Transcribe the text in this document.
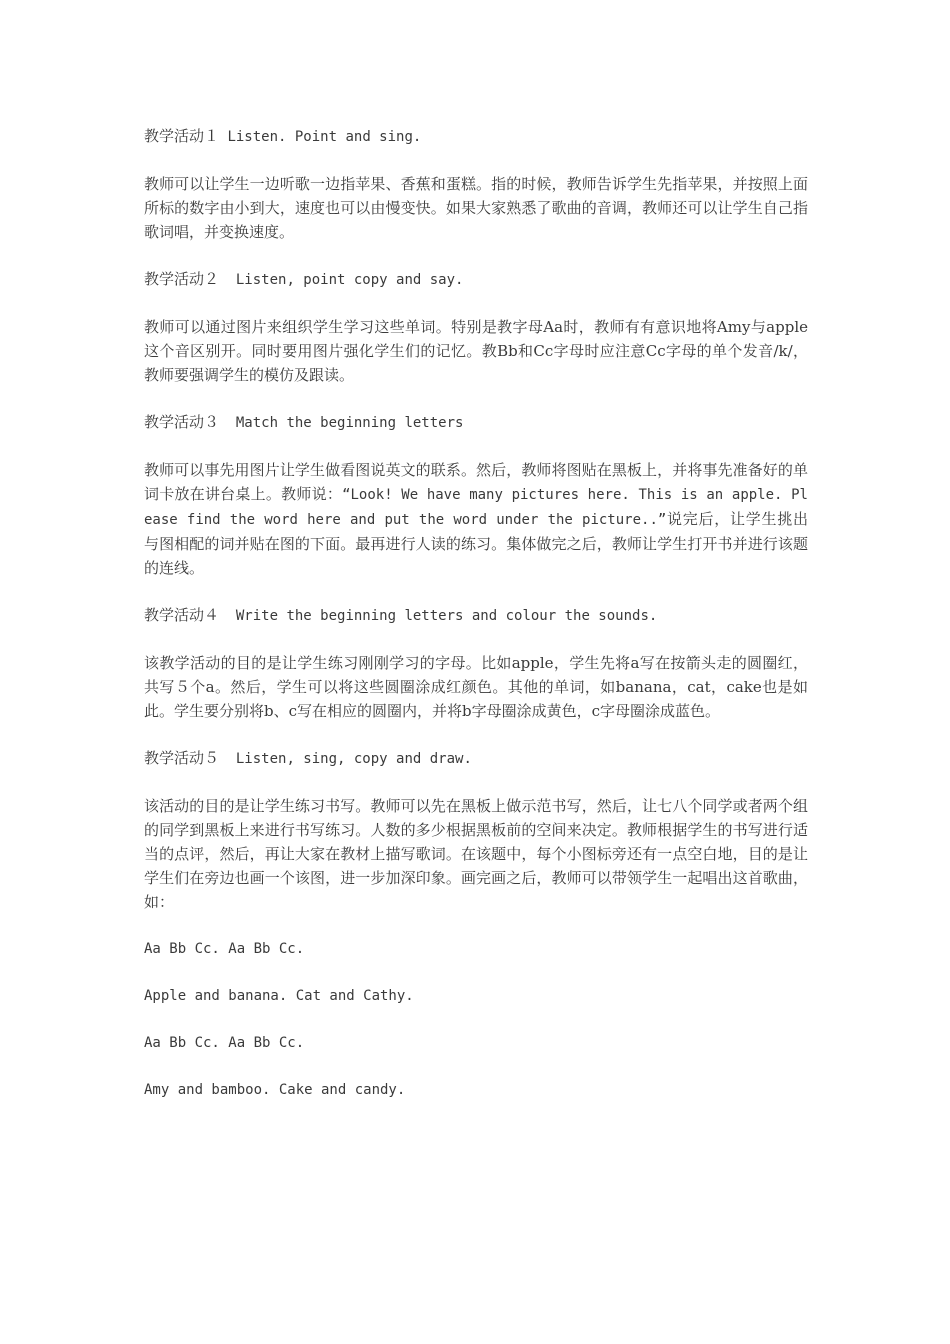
教学活动１ Listen. Point and sing.

教师可以让学生一边听歌一边指苹果、香蕉和蛋糕。指的时候，教师告诉学生先指苹果，并按照上面所标的数字由小到大，速度也可以由慢变快。如果大家熟悉了歌曲的音调，教师还可以让学生自己指歌词唱，并变换速度。

教学活动２ Listen, point copy and say.

教师可以通过图片来组织学生学习这些单词。特别是教字母Aa时，教师有有意识地将Amy与apple这个音区别开。同时要用图片强化学生们的记忆。教Bb和Cc字母时应注意Cc字母的单个发音/k/，教师要强调学生的模仿及跟读。

教学活动３ Match the beginning letters

教师可以事先用图片让学生做看图说英文的联系。然后，教师将图贴在黑板上，并将事先准备好的单词卡放在讲台桌上。教师说：“Look! We have many pictures here. This is an apple. Please find the word here and put the word under the picture..”说完后，让学生挑出与图相配的词并贴在图的下面。最再进行人读的练习。集体做完之后，教师让学生打开书并进行该题的连线。

教学活动４ Write the beginning letters and colour the sounds.

该教学活动的目的是让学生练习刚刚学习的字母。比如apple，学生先将a写在按箭头走的圆圈红，共写５个a。然后，学生可以将这些圆圈涂成红颜色。其他的单词，如banana，cat，cake也是如此。学生要分别将b、c写在相应的圆圈内，并将b字母圈涂成黄色，c字母圈涂成蓝色。

教学活动５ Listen, sing, copy and draw.

该活动的目的是让学生练习书写。教师可以先在黑板上做示范书写，然后，让七八个同学或者两个组的同学到黑板上来进行书写练习。人数的多少根据黑板前的空间来决定。教师根据学生的书写进行适当的点评，然后，再让大家在教材上描写歌词。在该题中，每个小图标旁还有一点空白地，目的是让学生们在旁边也画一个该图，进一步加深印象。画完画之后，教师可以带领学生一起唱出这首歌曲，如：

Aa Bb Cc. Aa Bb Cc.

Apple and banana. Cat and Cathy.

Aa Bb Cc. Aa Bb Cc.

Amy and bamboo. Cake and candy.
